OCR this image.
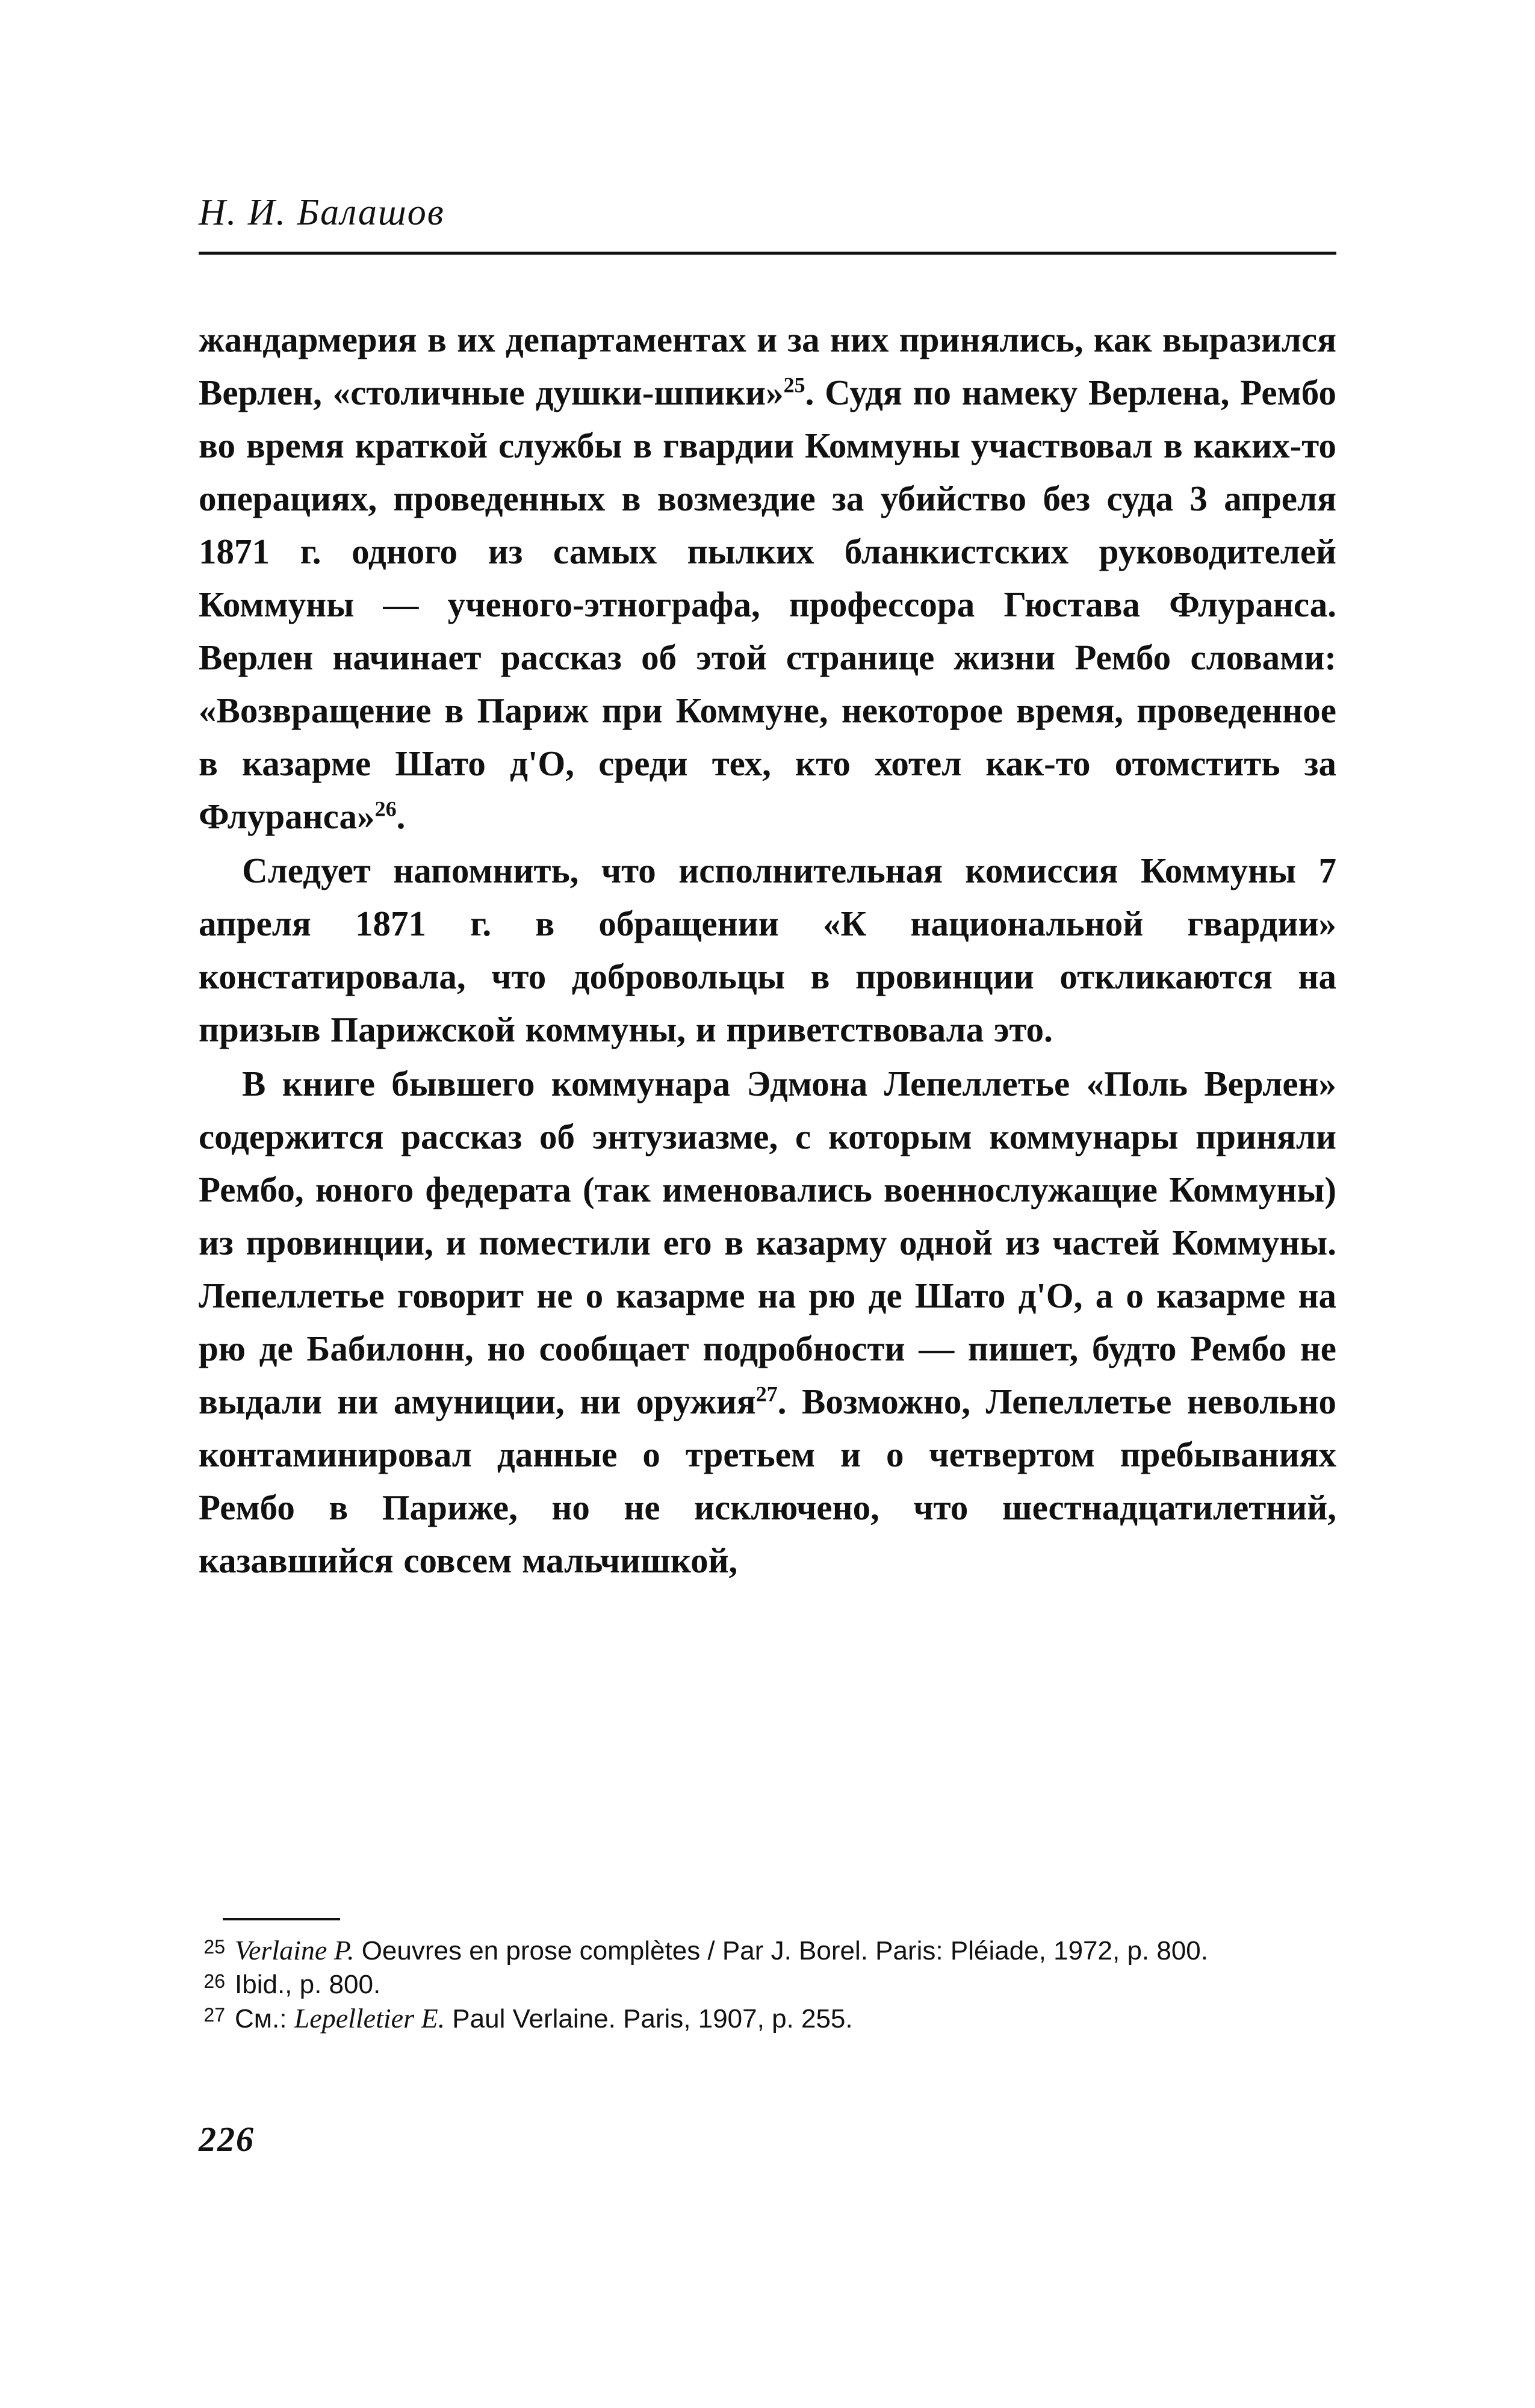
Н. И. Балашов

жандармерия в их департаментах и за них принялись, как выразился Верлен, «столичные душки-шпики»$^{25}$. Судя по намеку Верлена, Рембо во время краткой службы в гвардии Коммуны участвовал в каких-то операциях, проведенных в возмездие за убийство без суда 3 апреля 1871 г. одного из самых пылких бланкистских руководителей Коммуны — ученого-этнографа, профессора Гюстава Флуранса. Верлен начинает рассказ об этой странице жизни Рембо словами: «Возвращение в Париж при Коммуне, некоторое время, проведенное в казарме Шато д'О, среди тех, кто хотел как-то отомстить за Флуранса»$^{26}$.

Следует напомнить, что исполнительная комиссия Коммуны 7 апреля 1871 г. в обращении «К национальной гвардии» констатировала, что добровольцы в провинции откликаются на призыв Парижской коммуны, и приветствовала это.

В книге бывшего коммунара Эдмона Лепеллетье «Поль Верлен» содержится рассказ об энтузиазме, с которым коммунары приняли Рембо, юного федерата (так именовались военнослужащие Коммуны) из провинции, и поместили его в казарму одной из частей Коммуны. Лепеллетье говорит не о казарме на рю де Шато д'О, а о казарме на рю де Бабилонн, но сообщает подробности — пишет, будто Рембо не выдали ни амуниции, ни оружия$^{27}$. Возможно, Лепеллетье невольно контаминировал данные о третьем и о четвертом пребываниях Рембо в Париже, но не исключено, что шестнадцатилетний, казавшийся совсем мальчишкой,

25 Verlaine P. Oeuvres en prose complètes / Par J. Borel. Paris: Pléiade, 1972, p. 800.
26 Ibid., p. 800.
27 См.: Lepelletier E. Paul Verlaine. Paris, 1907, p. 255.
226
